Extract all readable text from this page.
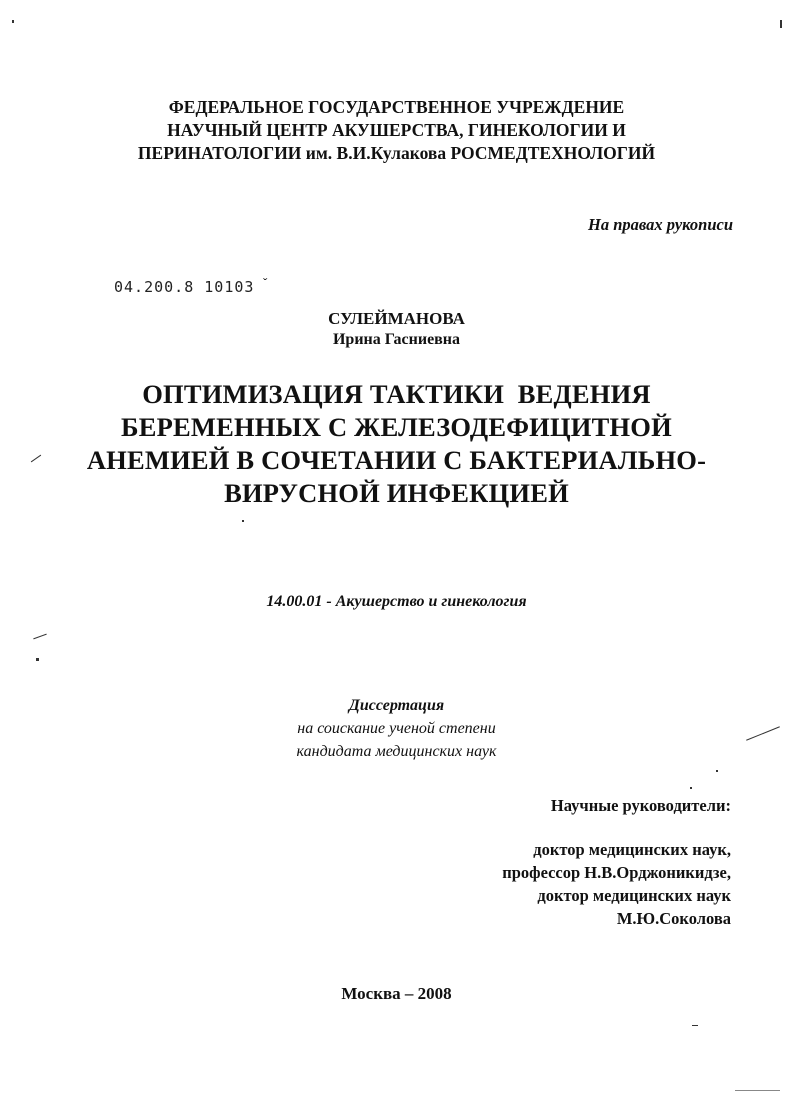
ФЕДЕРАЛЬНОЕ ГОСУДАРСТВЕННОЕ УЧРЕЖДЕНИЕ
НАУЧНЫЙ ЦЕНТР АКУШЕРСТВА, ГИНЕКОЛОГИИ И
ПЕРИНАТОЛОГИИ им. В.И.Кулакова РОСМЕДТЕХНОЛОГИЙ
На правах рукописи
04.200.8 10103 ˇ
СУЛЕЙМАНОВА
Ирина Гасниевна
ОПТИМИЗАЦИЯ ТАКТИКИ  ВЕДЕНИЯ
БЕРЕМЕННЫХ С ЖЕЛЕЗОДЕФИЦИТНОЙ
АНЕМИЕЙ В СОЧЕТАНИИ С БАКТЕРИАЛЬНО-
ВИРУСНОЙ ИНФЕКЦИЕЙ
14.00.01 - Акушерство и гинекология
Диссертация
на соискание ученой степени
кандидата медицинских наук
Научные руководители:
доктор медицинских наук,
профессор Н.В.Орджоникидзе,
доктор медицинских наук
М.Ю.Соколова
Москва – 2008
